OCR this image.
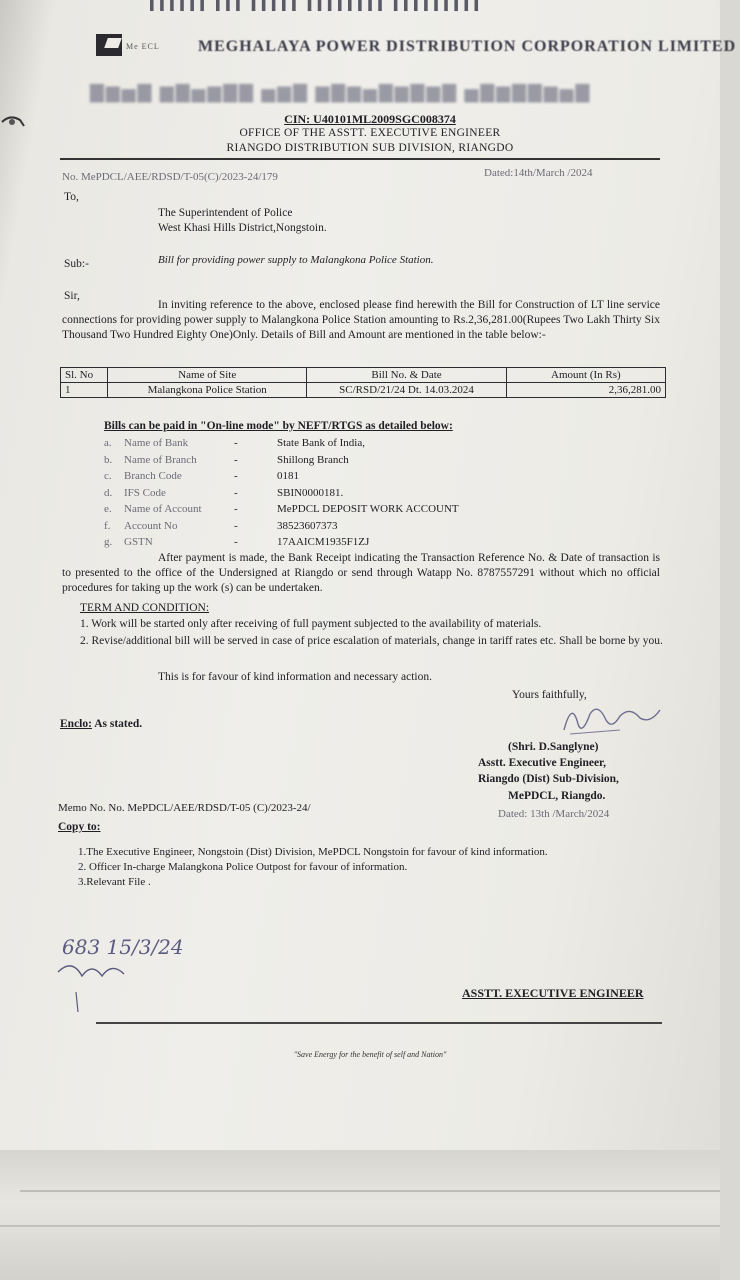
▌▌▌▌▌▌ ▌▌▌ ▌▌▌▌▌ ▌▌▌▌▌▌▌▌ ▌▌▌▌▌▌▌▌▌
Me ECL MEGHALAYA POWER DISTRIBUTION CORPORATION LIMITED
▇▆▅▇ ▆▇▅▆▇▇ ▅▆▇ ▆▇▆▅▇▆▇▆▇ ▅▇▆▇▇▆▅▇
CIN: U40101ML2009SGC008374
OFFICE OF THE ASSTT. EXECUTIVE ENGINEER
RIANGDO DISTRIBUTION SUB DIVISION, RIANGDO
No. MePDCL/AEE/RDSD/T-05(C)/2023-24/179	Dated:14th/March /2024
To,
The Superintendent of Police
West Khasi Hills District,Nongstoin.
Sub:-	Bill for providing power supply to Malangkona Police Station.
Sir,
In inviting reference to the above, enclosed please find herewith the Bill for Construction of LT line service connections for providing power supply to Malangkona Police Station amounting to Rs.2,36,281.00(Rupees Two Lakh Thirty Six Thousand Two Hundred Eighty One)Only. Details of Bill and Amount are mentioned in the table below:-
Sl. No	Name of Site	Bill No. & Date	Amount (In Rs)
1	Malangkona Police Station	SC/RSD/21/24 Dt. 14.03.2024	2,36,281.00
Bills can be paid in "On-line mode" by NEFT/RTGS as detailed below:
a. Name of Bank	-	State Bank of India,
b. Name of Branch	-	Shillong Branch
c. Branch Code	-	0181
d. IFS Code	-	SBIN0000181.
e. Name of Account	-	MePDCL DEPOSIT WORK ACCOUNT
f. Account No	-	38523607373
g. GSTN	-	17AAICM1935F1ZJ
After payment is made, the Bank Receipt indicating the Transaction Reference No. & Date of transaction is to presented to the office of the Undersigned at Riangdo or send through Watapp No. 8787557291 without which no official procedures for taking up the work (s) can be undertaken.
TERM AND CONDITION:
1. Work will be started only after receiving of full payment subjected to the availability of materials.
2. Revise/additional bill will be served in case of price escalation of materials, change in tariff rates etc. Shall be borne by you.
This is for favour of kind information and necessary action.
Yours faithfully,
Enclo: As stated.
(Shri. D.Sanglyne)
Asstt. Executive Engineer,
Riangdo (Dist) Sub-Division,
MePDCL, Riangdo.
Memo No. No. MePDCL/AEE/RDSD/T-05 (C)/2023-24/	Dated: 13th /March/2024
Copy to:
1.The Executive Engineer, Nongstoin (Dist) Division, MePDCL Nongstoin for favour of kind information.
2. Officer In-charge Malangkona Police Outpost for favour of information.
3.Relevant File .
683 15/3/24
ASSTT. EXECUTIVE ENGINEER
"Save Energy for the benefit of self and Nation"
